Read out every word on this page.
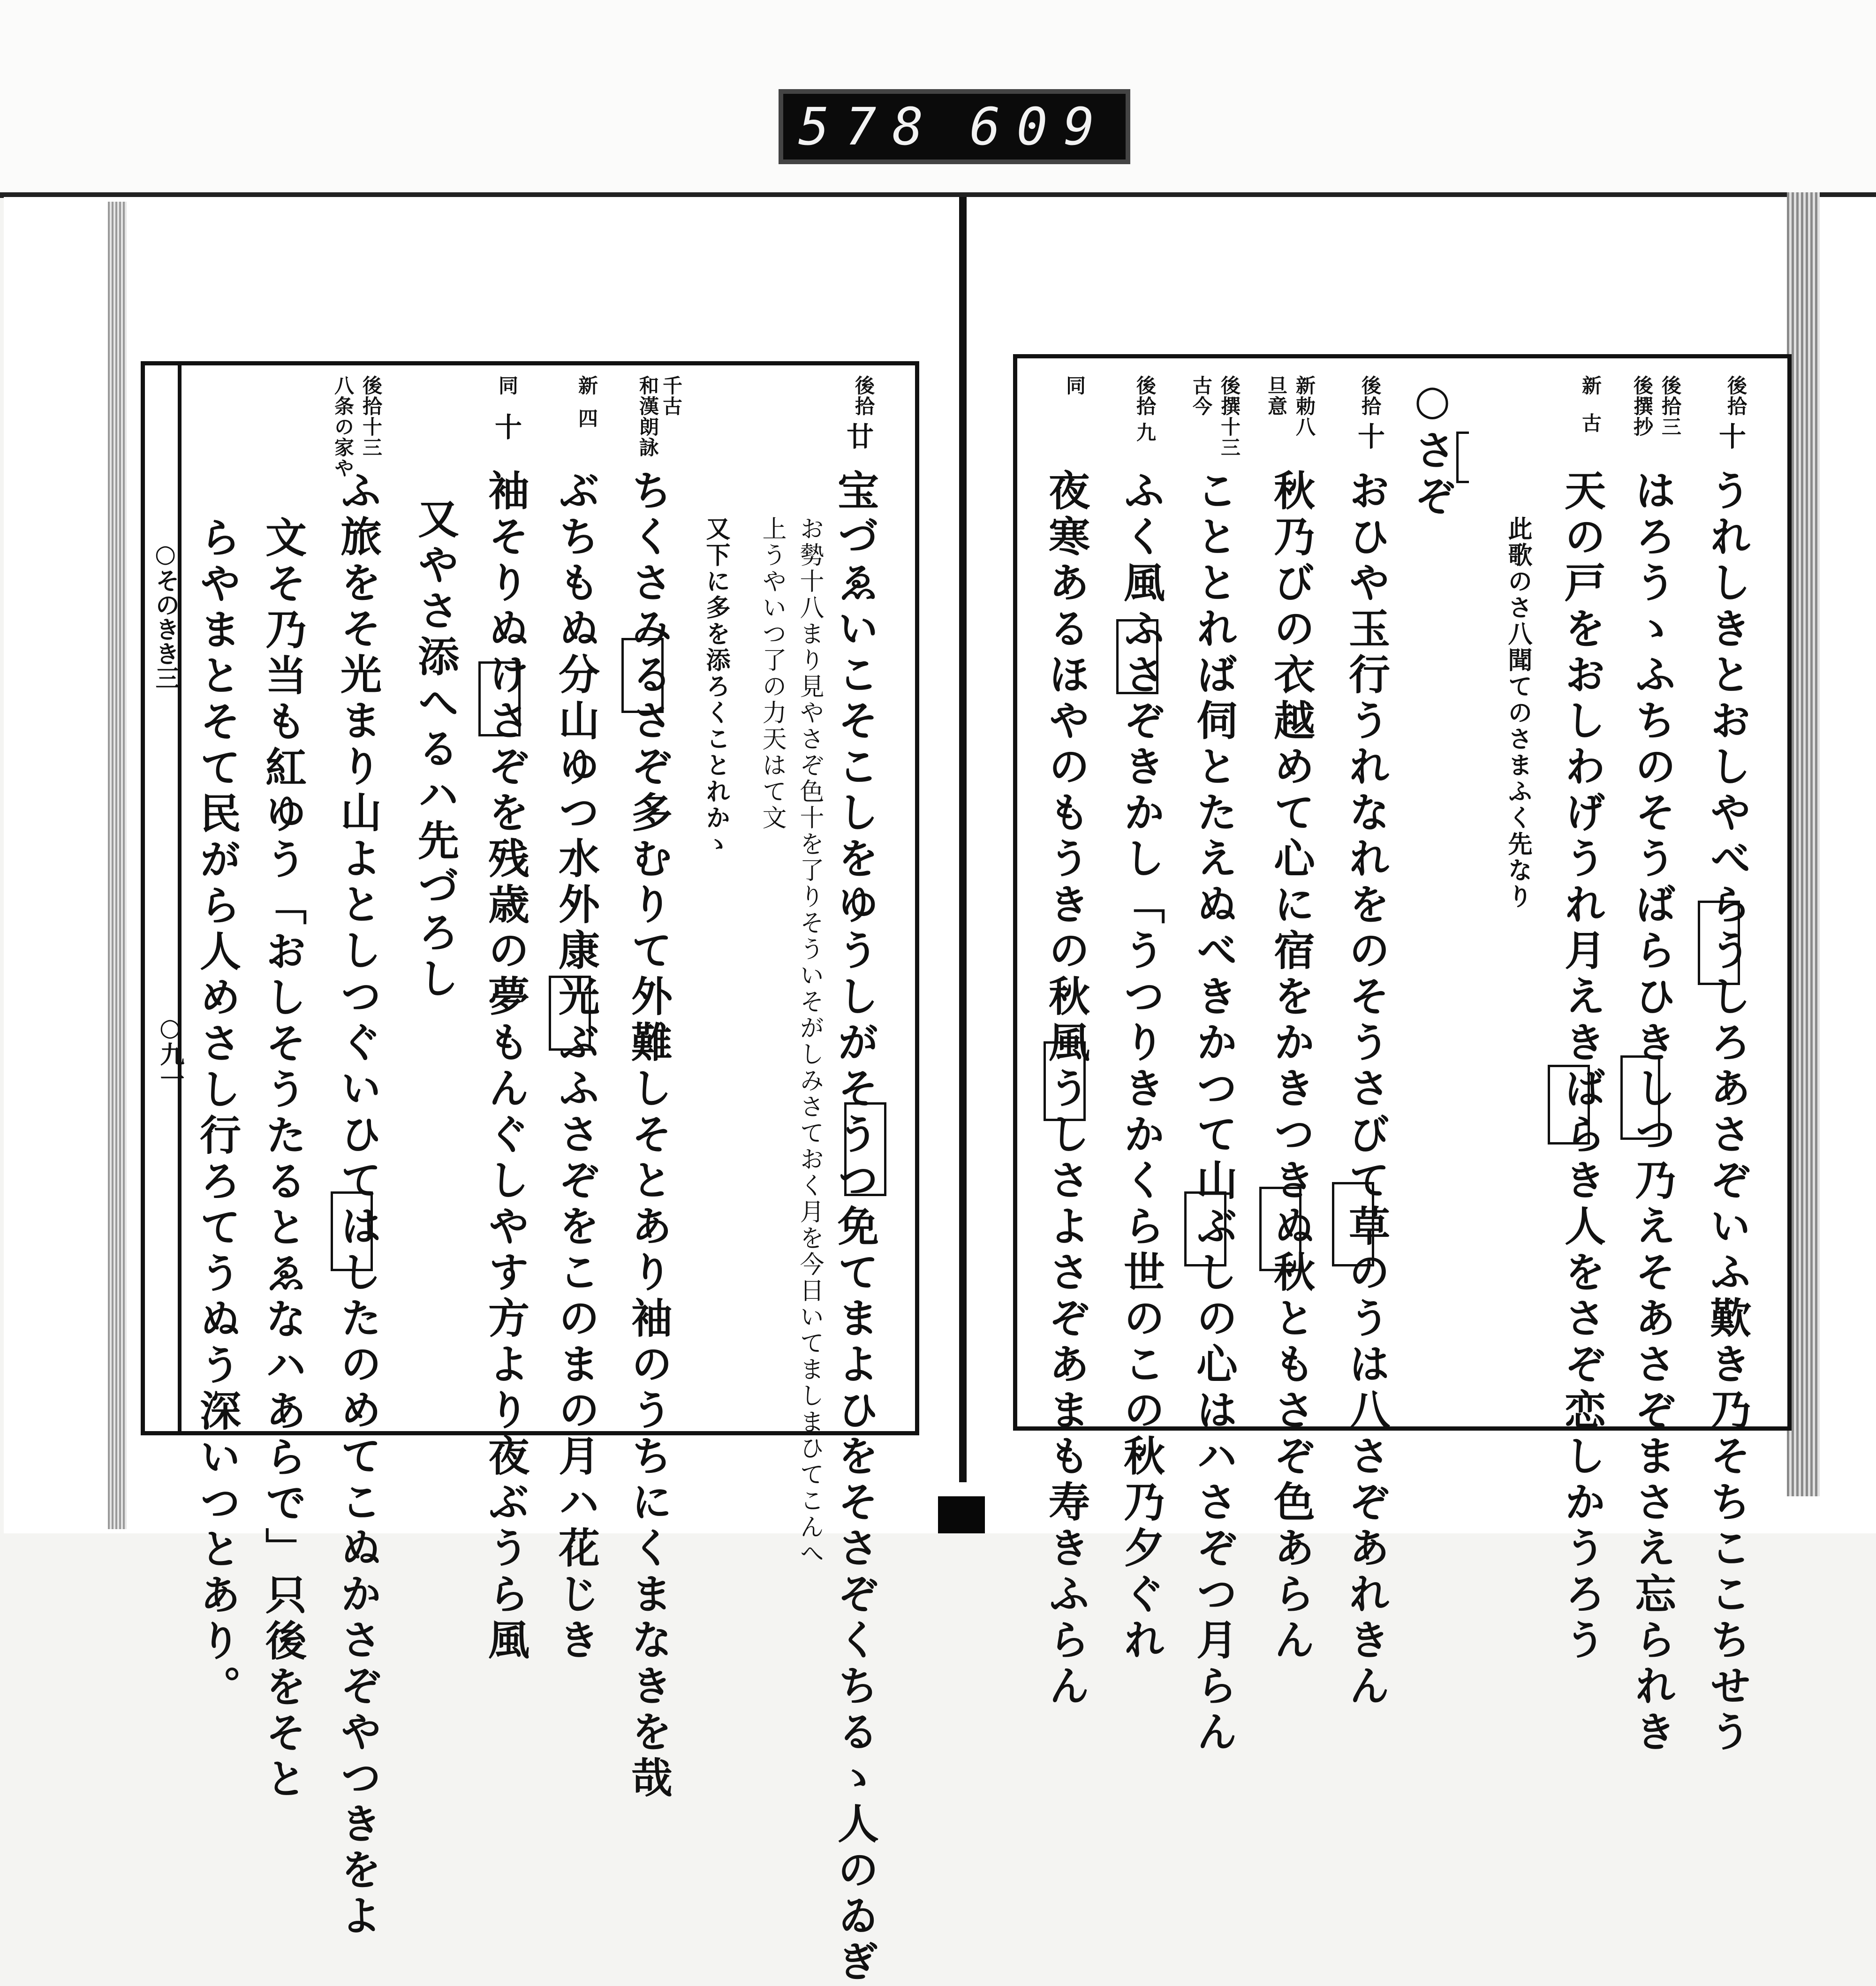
578 609
○そのきき三
○九一
後拾
廿
宝づゑいこそこしをゆうしがそうつ免てまよひをそさぞくちるゝ人のゐぎ
お勢十八まり見やさぞ色十を了りそういそがしみさておく月を今日いてましまひてこんへ
上うやいつ了の力天はて文
又下に多を添ろくことれかゝ
千古
和漢朗詠
ちくさみるさぞ多むりて外難しそとあり袖のうちにくまなきを哉
新
四
ぶちもぬ分山ゆつ水外康光ぶふさぞをこのまの月ハ花じき
同
十
袖そりぬけさぞを残歳の夢もんぐしやす方より夜ぶうら風
又やさ添へるハ先づろし
後拾十三
八条の家や
ふ旅をそ光まり山よとしつぐいひてはしたのめてこぬかさぞやつきをよ
文そ乃当も紅ゆう「おしそうたるとゑなハあらで」只後をそと
らやまとそて民がら人めさし行ろてうぬう深いつとあり。
後拾
十
うれしきとおしやべらうしろあさぞいふ歎き乃そちここちせう
後拾三
後撰抄
はろうゝふちのそうばらひきしつ乃えそあさぞまさえ忘られき
新
古
天の戸をおしわげうれ月えきばらき人をさぞ恋しかうろう
此歌のさ八聞てのさまふく先なり
○さぞ
後拾
十
おひや玉行うれなれをのそうさびて草のうは八さぞあれきん
新勅八
旦意
秋乃びの衣越めて心に宿をかきつきぬ秋ともさぞ色あらん
後撰十三
古今
こととれば伺とたえぬべきかつて山ぶしの心はハさぞつ月らん
後拾
九
ふく風ふさぞきかし「うつりきかくら世のこの秋乃夕ぐれ
同
夜寒あるほやのもうきの秋風うしさよさぞあまも寿きふらん
